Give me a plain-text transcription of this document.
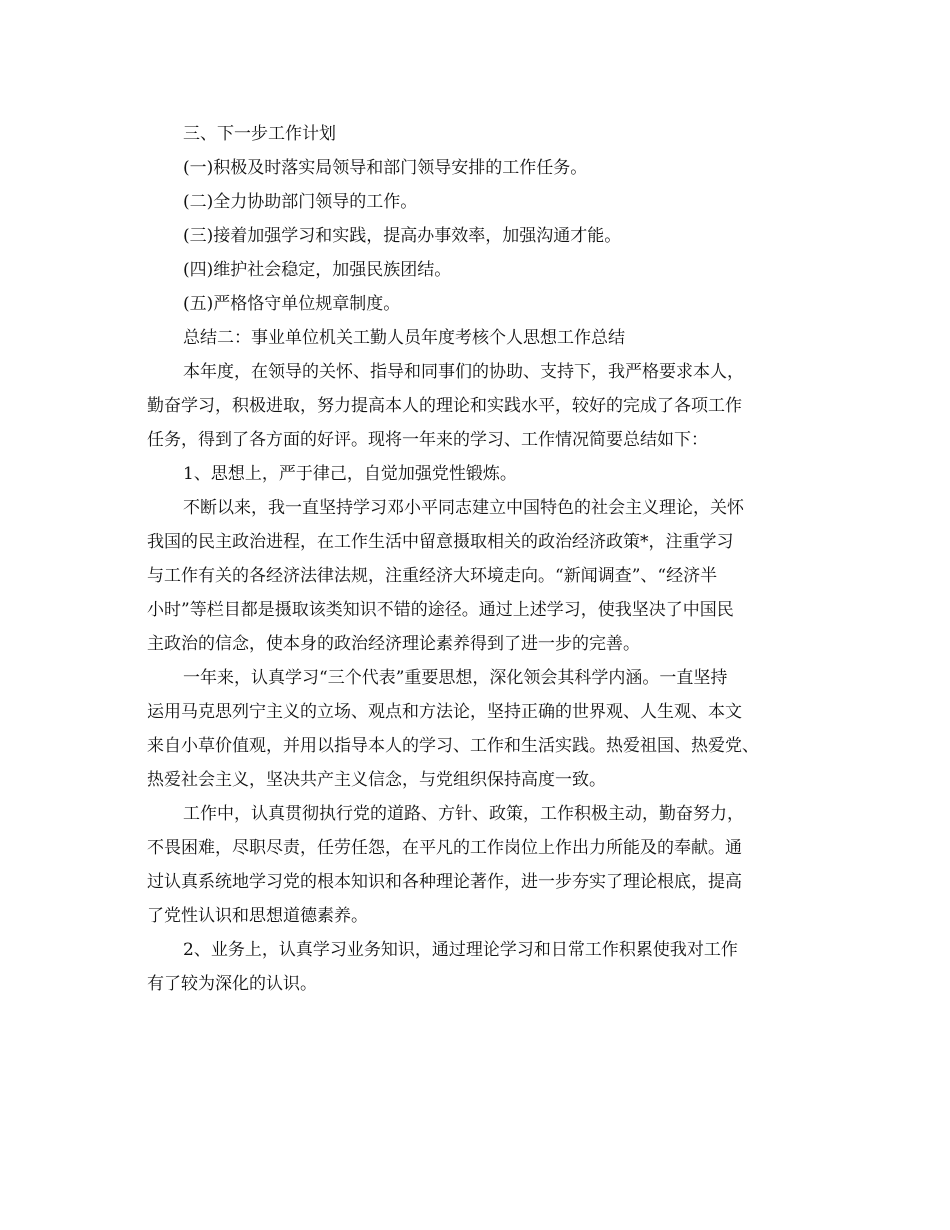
三、下一步工作计划
(一)积极及时落实局领导和部门领导安排的工作任务。
(二)全力协助部门领导的工作。
(三)接着加强学习和实践，提高办事效率，加强沟通才能。
(四)维护社会稳定，加强民族团结。
(五)严格恪守单位规章制度。
总结二：事业单位机关工勤人员年度考核个人思想工作总结
本年度，在领导的关怀、指导和同事们的协助、支持下，我严格要求本人，
勤奋学习，积极进取，努力提高本人的理论和实践水平，较好的完成了各项工作
任务，得到了各方面的好评。现将一年来的学习、工作情况简要总结如下：
1、思想上，严于律己，自觉加强党性锻炼。
不断以来，我一直坚持学习邓小平同志建立中国特色的社会主义理论，关怀
我国的民主政治进程，在工作生活中留意摄取相关的政治经济政策*，注重学习
与工作有关的各经济法律法规，注重经济大环境走向。“新闻调查”、“经济半
小时”等栏目都是摄取该类知识不错的途径。通过上述学习，使我坚决了中国民
主政治的信念，使本身的政治经济理论素养得到了进一步的完善。
一年来，认真学习“三个代表”重要思想，深化领会其科学内涵。一直坚持
运用马克思列宁主义的立场、观点和方法论，坚持正确的世界观、人生观、本文
来自小草价值观，并用以指导本人的学习、工作和生活实践。热爱祖国、热爱党、
热爱社会主义，坚决共产主义信念，与党组织保持高度一致。
工作中，认真贯彻执行党的道路、方针、政策，工作积极主动，勤奋努力，
不畏困难，尽职尽责，任劳任怨，在平凡的工作岗位上作出力所能及的奉献。通
过认真系统地学习党的根本知识和各种理论著作，进一步夯实了理论根底，提高
了党性认识和思想道德素养。
2、业务上，认真学习业务知识，通过理论学习和日常工作积累使我对工作
有了较为深化的认识。
